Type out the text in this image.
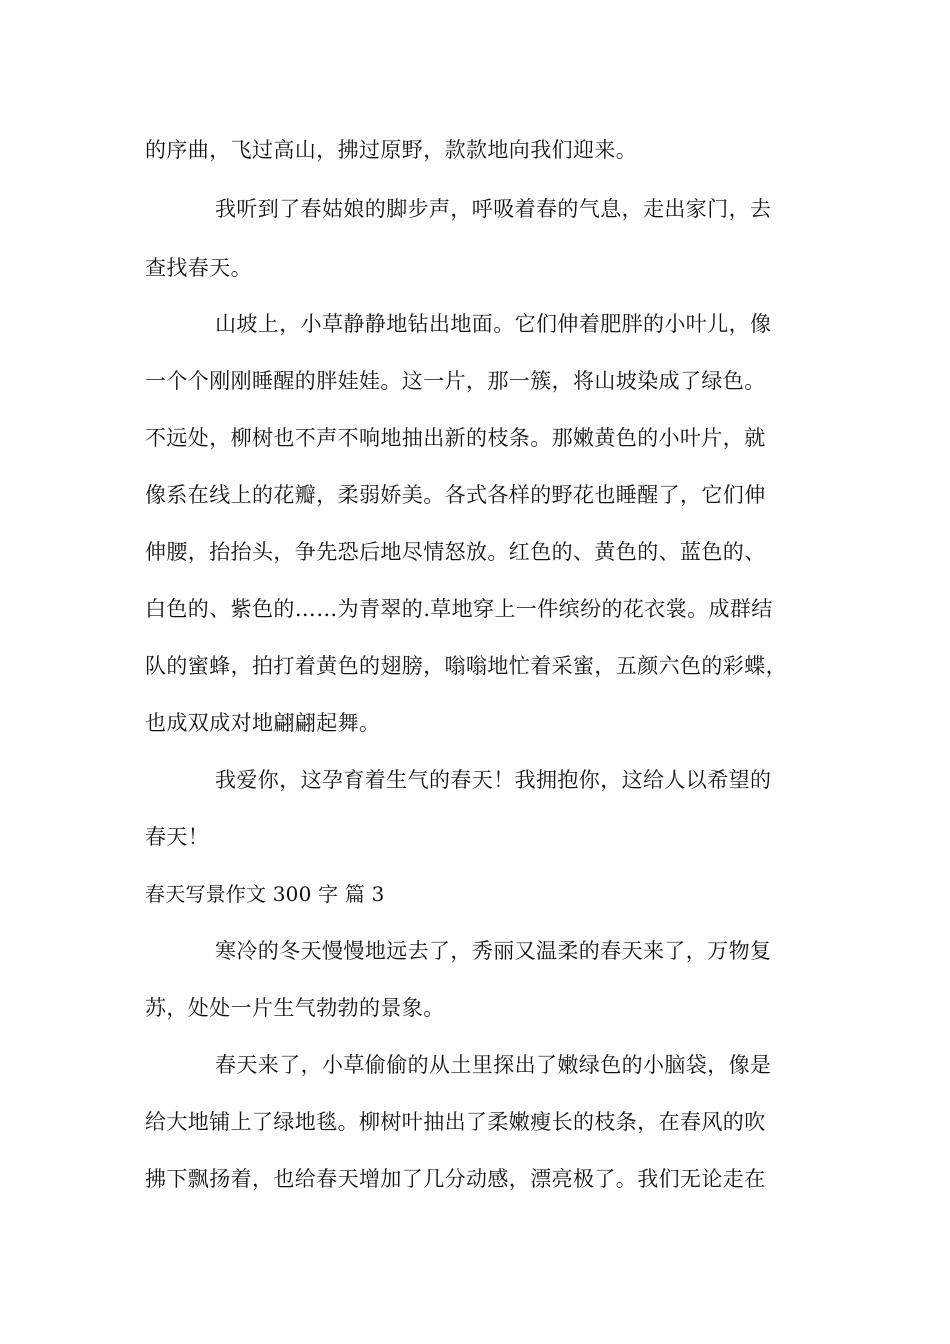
的序曲，飞过高山，拂过原野，款款地向我们迎来。
我听到了春姑娘的脚步声，呼吸着春的气息，走出家门，去
查找春天。
山坡上，小草静静地钻出地面。它们伸着肥胖的小叶儿，像
一个个刚刚睡醒的胖娃娃。这一片，那一簇，将山坡染成了绿色。
不远处，柳树也不声不响地抽出新的枝条。那嫩黄色的小叶片，就
像系在线上的花瓣，柔弱娇美。各式各样的野花也睡醒了，它们伸
伸腰，抬抬头，争先恐后地尽情怒放。红色的、黄色的、蓝色的、
白色的、紫色的……为青翠的.草地穿上一件缤纷的花衣裳。成群结
队的蜜蜂，拍打着黄色的翅膀，嗡嗡地忙着采蜜，五颜六色的彩蝶，
也成双成对地翩翩起舞。
我爱你，这孕育着生气的春天！我拥抱你，这给人以希望的
春天！
春天写景作文 300 字 篇 3
寒冷的冬天慢慢地远去了，秀丽又温柔的春天来了，万物复
苏，处处一片生气勃勃的景象。
春天来了，小草偷偷的从土里探出了嫩绿色的小脑袋，像是
给大地铺上了绿地毯。柳树叶抽出了柔嫩瘦长的枝条，在春风的吹
拂下飘扬着，也给春天增加了几分动感，漂亮极了。我们无论走在
